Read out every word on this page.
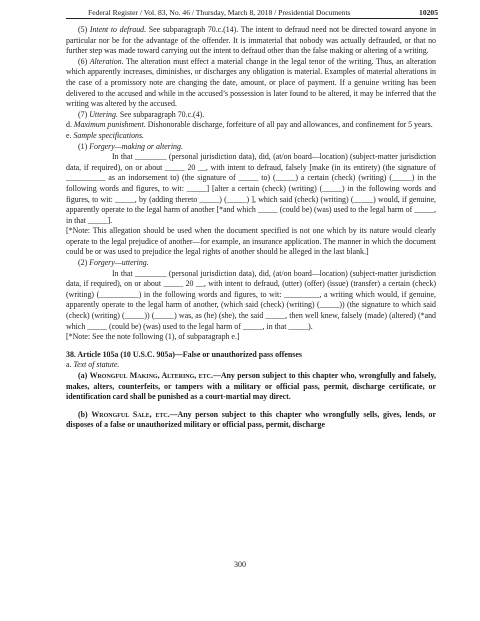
Federal Register / Vol. 83, No. 46 / Thursday, March 8, 2018 / Presidential Documents	10205

(5) Intent to defraud. See subparagraph 70.c.(14). The intent to defraud need not be directed toward anyone in particular nor be for the advantage of the offender. It is immaterial that nobody was actually defrauded, or that no further step was made toward carrying out the intent to defraud other than the false making or altering of a writing.

(6) Alteration. The alteration must effect a material change in the legal tenor of the writing. Thus, an alteration which apparently increases, diminishes, or discharges any obligation is material. Examples of material alterations in the case of a promissory note are changing the date, amount, or place of payment. If a genuine writing has been delivered to the accused and while in the accused’s possession is later found to be altered, it may be inferred that the writing was altered by the accused.

(7) Uttering. See subparagraph 70.c.(4).

d. Maximum punishment. Dishonorable discharge, forfeiture of all pay and allowances, and confinement for 5 years.

e. Sample specifications.

(1) Forgery—making or altering.

In that ________ (personal jurisdiction data), did, (at/on board—location) (subject-matter jurisdiction data, if required), on or about _____ 20 __, with intent to defraud, falsely [make (in its entirety) (the signature of __________ as an indorsement to) (the signature of _____ to) (_____) a certain (check) (writing) (_____) in the following words and figures, to wit: _____] [alter a certain (check) (writing) (_____) in the following words and figures, to wit: _____, by (adding thereto _____) (_____) ], which said (check) (writing) (_____) would, if genuine, apparently operate to the legal harm of another [*and which _____ (could be) (was) used to the legal harm of _____, in that _____].

[*Note: This allegation should be used when the document specified is not one which by its nature would clearly operate to the legal prejudice of another—for example, an insurance application. The manner in which the document could be or was used to prejudice the legal rights of another should be alleged in the last blank.]

(2) Forgery—uttering.

In that ________ (personal jurisdiction data), did, (at/on board—location) (subject-matter jurisdiction data, if required), on or about _____ 20 __, with intent to defraud, (utter) (offer) (issue) (transfer) a certain (check) (writing) (__________) in the following words and figures, to wit: _________, a writing which would, if genuine, apparently operate to the legal harm of another, (which said (check) (writing) (_____)) (the signature to which said (check) (writing) (_____)) (_____) was, as (he) (she), the said _____, then well knew, falsely (made) (altered) (*and which _____ (could be) (was) used to the legal harm of _____, in that _____).

[*Note: See the note following (1), of subparagraph e.]

38. Article 105a (10 U.S.C. 905a)—False or unauthorized pass offenses

a. Text of statute.

(a) Wrongful Making, Altering, etc.—Any person subject to this chapter who, wrongfully and falsely, makes, alters, counterfeits, or tampers with a military or official pass, permit, discharge certificate, or identification card shall be punished as a court-martial may direct.

(b) Wrongful Sale, etc.—Any person subject to this chapter who wrongfully sells, gives, lends, or disposes of a false or unauthorized military or official pass, permit, discharge

300
